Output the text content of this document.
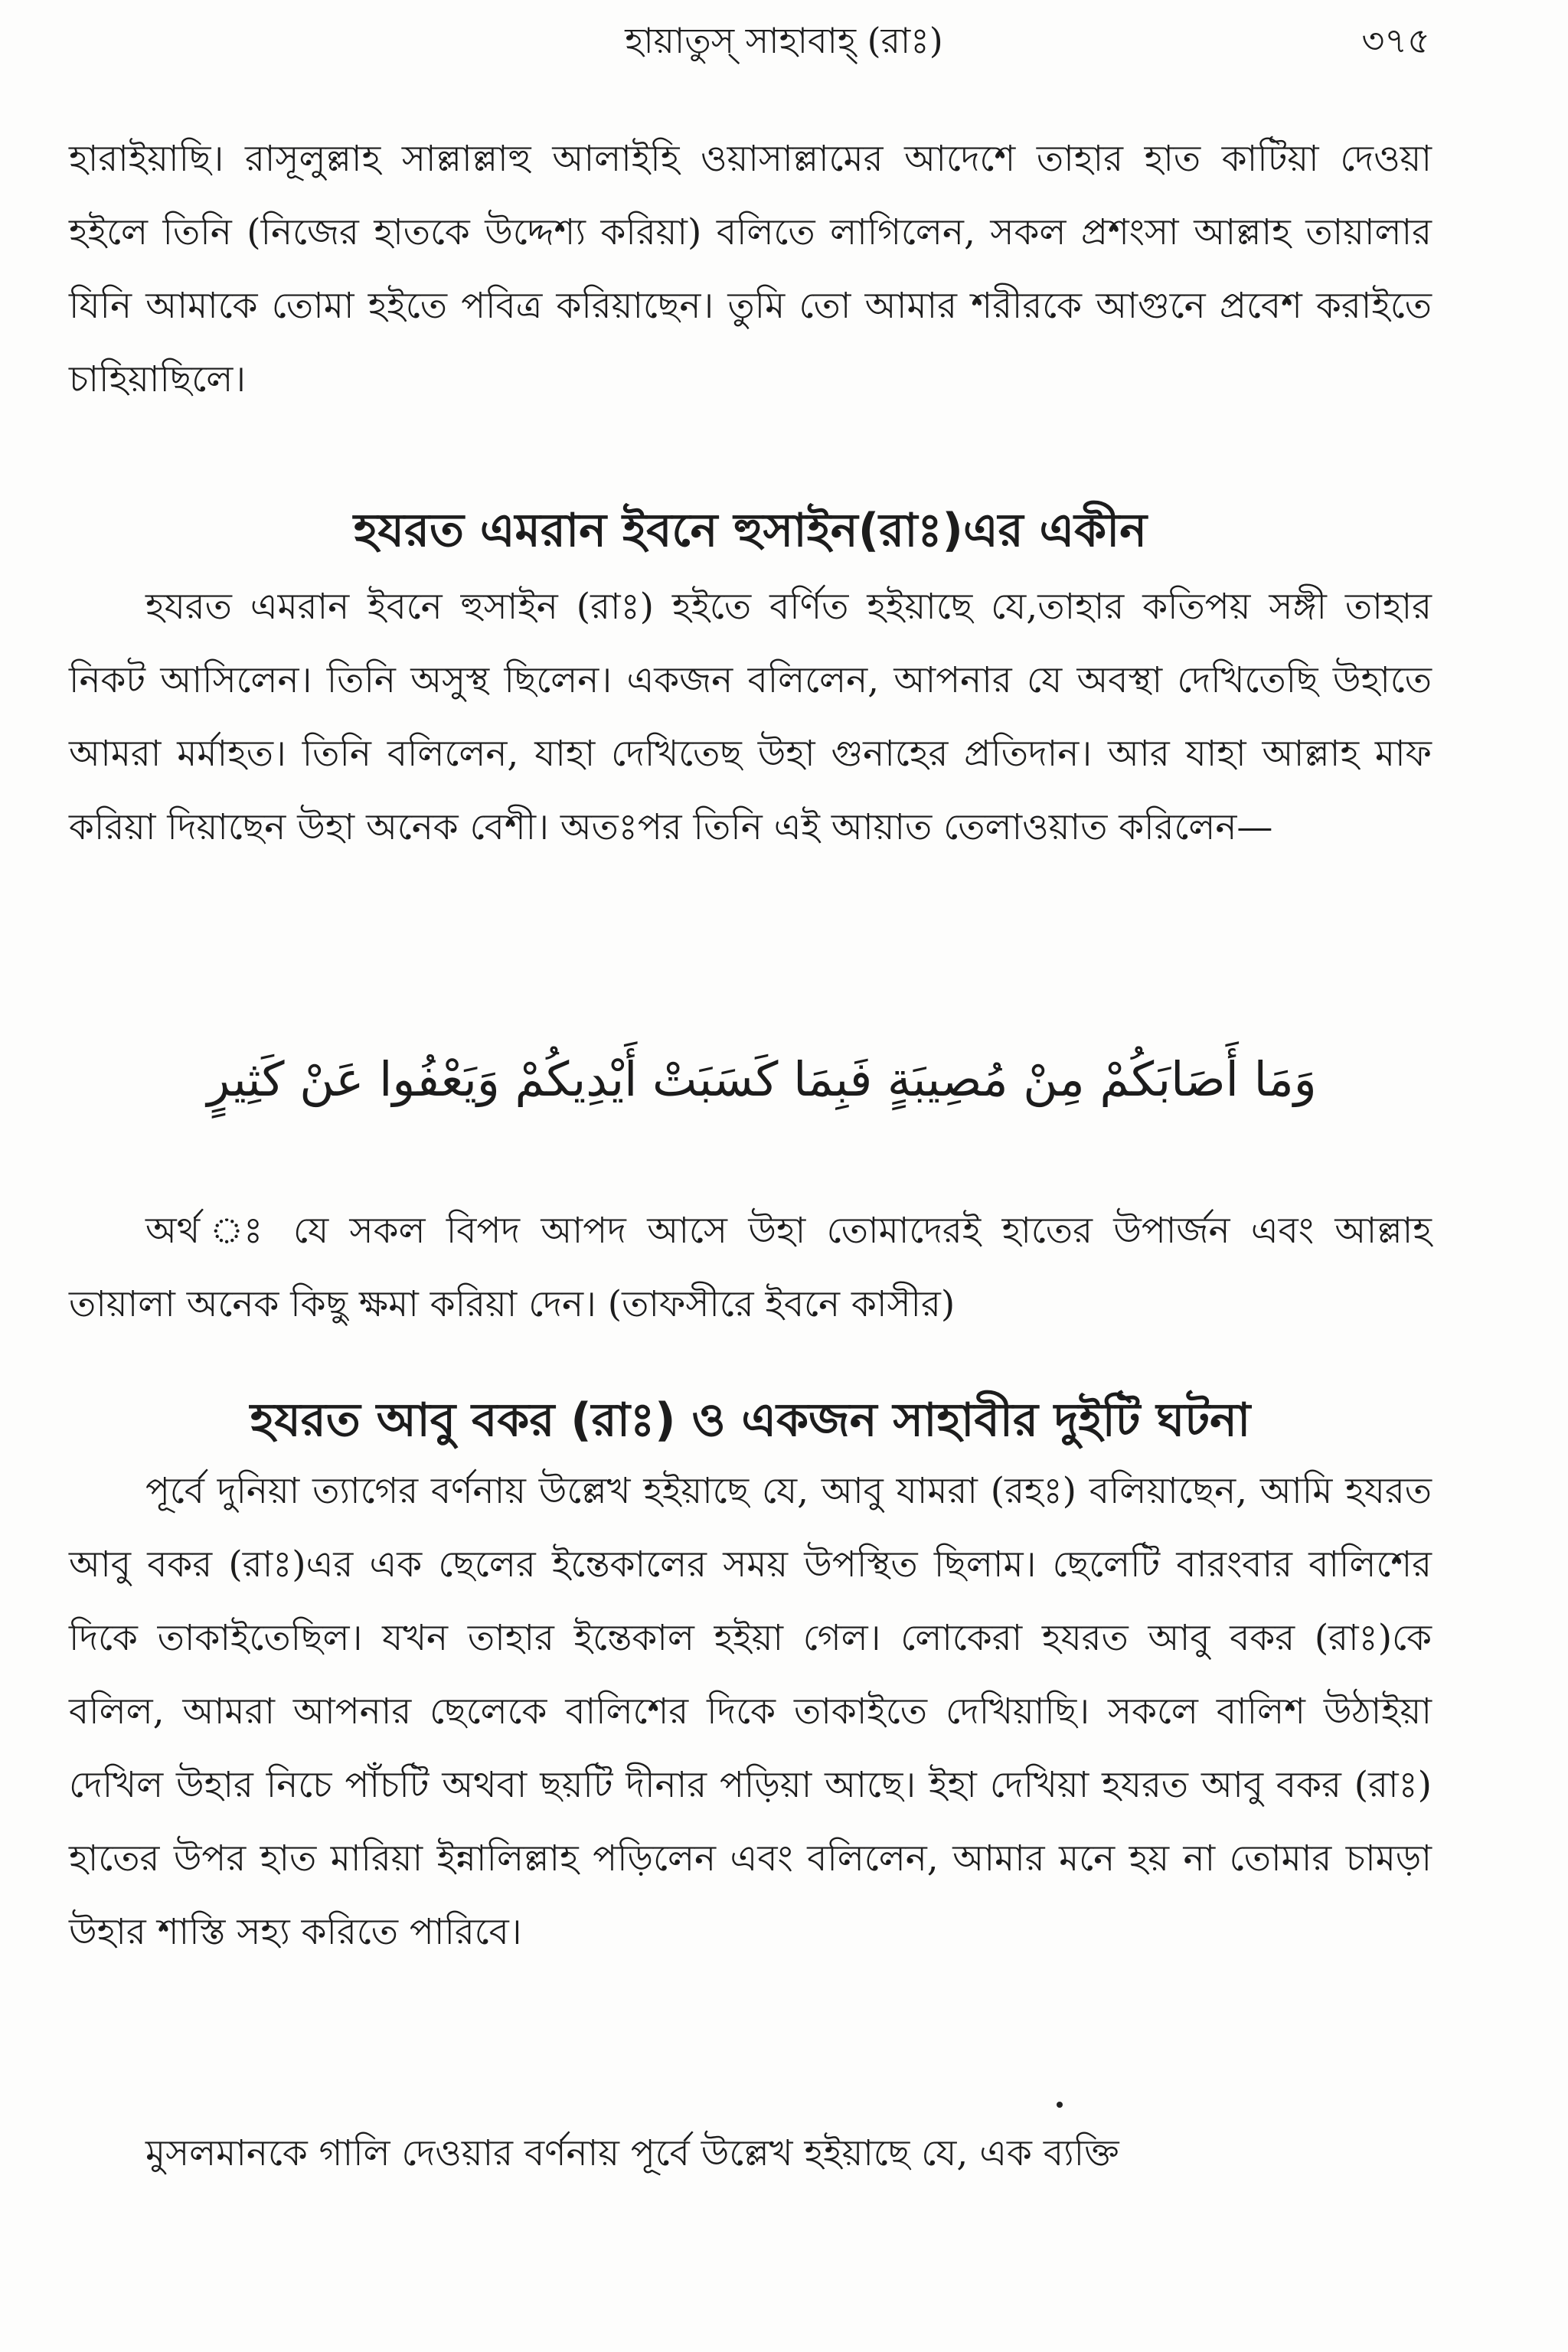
হায়াতুস্ সাহাবাহ্ (রাঃ)	৩৭৫

হারাইয়াছি। রাসূলুল্লাহ সাল্লাল্লাহু আলাইহি ওয়াসাল্লামের আদেশে তাহার হাত কাটিয়া দেওয়া হইলে তিনি (নিজের হাতকে উদ্দেশ্য করিয়া) বলিতে লাগিলেন, সকল প্রশংসা আল্লাহ তায়ালার যিনি আমাকে তোমা হইতে পবিত্র করিয়াছেন। তুমি তো আমার শরীরকে আগুনে প্রবেশ করাইতে চাহিয়াছিলে।

হযরত এমরান ইবনে হুসাইন(রাঃ)এর একীন

হযরত এমরান ইবনে হুসাইন (রাঃ) হইতে বর্ণিত হইয়াছে যে,তাহার কতিপয় সঙ্গী তাহার নিকট আসিলেন। তিনি অসুস্থ ছিলেন। একজন বলিলেন, আপনার যে অবস্থা দেখিতেছি উহাতে আমরা মর্মাহত। তিনি বলিলেন, যাহা দেখিতেছ উহা গুনাহের প্রতিদান। আর যাহা আল্লাহ মাফ করিয়া দিয়াছেন উহা অনেক বেশী। অতঃপর তিনি এই আয়াত তেলাওয়াত করিলেন—

وَمَا أَصَابَكُمْ مِنْ مُصِيبَةٍ فَبِمَا كَسَبَتْ أَيْدِيكُمْ وَيَعْفُوا عَنْ كَثِيرٍ

অর্থ ঃ যে সকল বিপদ আপদ আসে উহা তোমাদেরই হাতের উপার্জন এবং আল্লাহ তায়ালা অনেক কিছু ক্ষমা করিয়া দেন। (তাফসীরে ইবনে কাসীর)

হযরত আবু বকর (রাঃ) ও একজন সাহাবীর দুইটি ঘটনা

পূর্বে দুনিয়া ত্যাগের বর্ণনায় উল্লেখ হইয়াছে যে, আবু যামরা (রহঃ) বলিয়াছেন, আমি হযরত আবু বকর (রাঃ)এর এক ছেলের ইন্তেকালের সময় উপস্থিত ছিলাম। ছেলেটি বারংবার বালিশের দিকে তাকাইতেছিল। যখন তাহার ইন্তেকাল হইয়া গেল। লোকেরা হযরত আবু বকর (রাঃ)কে বলিল, আমরা আপনার ছেলেকে বালিশের দিকে তাকাইতে দেখিয়াছি। সকলে বালিশ উঠাইয়া দেখিল উহার নিচে পাঁচটি অথবা ছয়টি দীনার পড়িয়া আছে। ইহা দেখিয়া হযরত আবু বকর (রাঃ) হাতের উপর হাত মারিয়া ইন্নালিল্লাহ পড়িলেন এবং বলিলেন, আমার মনে হয় না তোমার চামড়া উহার শাস্তি সহ্য করিতে পারিবে।

মুসলমানকে গালি দেওয়ার বর্ণনায় পূর্বে উল্লেখ হইয়াছে যে, এক ব্যক্তি
